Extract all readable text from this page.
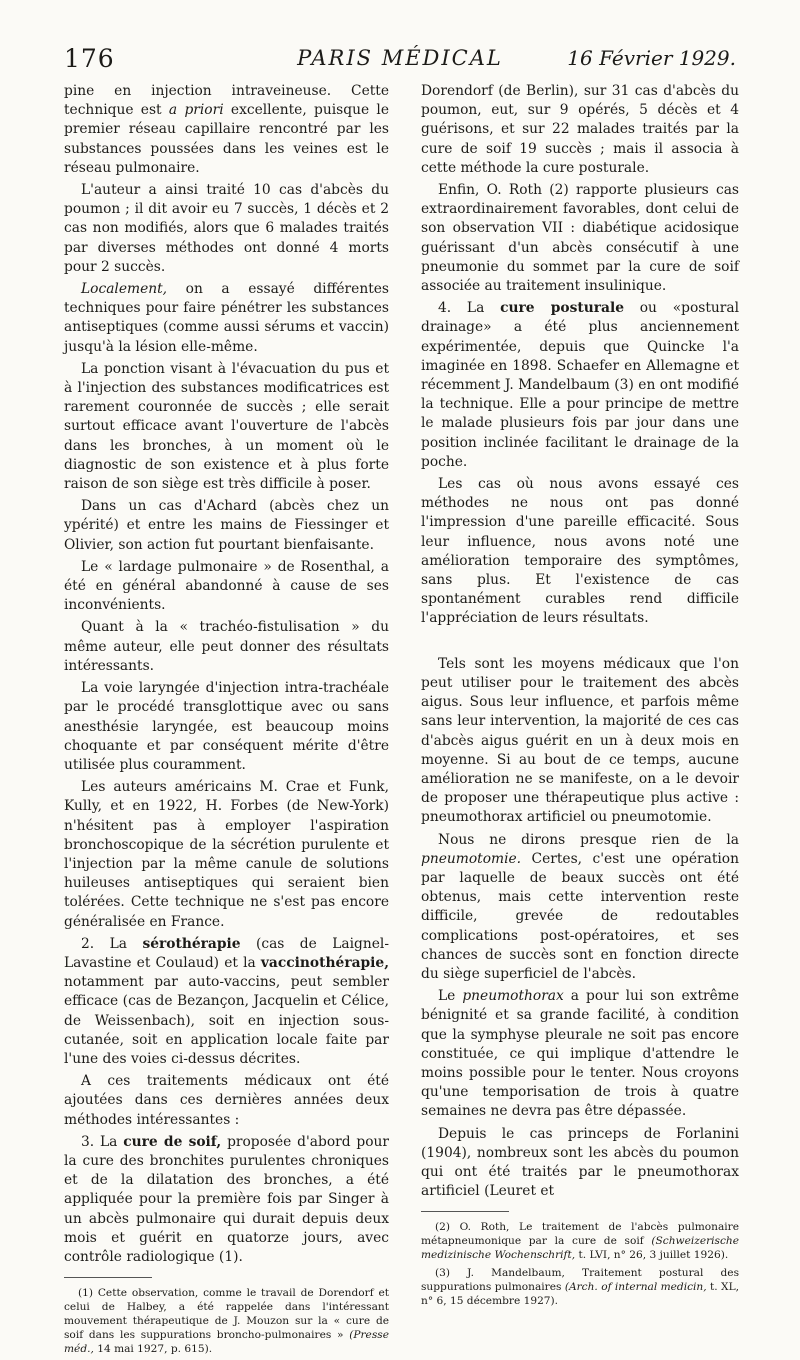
176	PARIS MÉDICAL	16 Février 1929.

pine en injection intraveineuse. Cette technique est a priori excellente, puisque le premier réseau capillaire rencontré par les substances poussées dans les veines est le réseau pulmonaire.

L'auteur a ainsi traité 10 cas d'abcès du poumon ; il dit avoir eu 7 succès, 1 décès et 2 cas non modifiés, alors que 6 malades traités par diverses méthodes ont donné 4 morts pour 2 succès.

Localement, on a essayé différentes techniques pour faire pénétrer les substances antiseptiques (comme aussi sérums et vaccin) jusqu'à la lésion elle-même.

La ponction visant à l'évacuation du pus et à l'injection des substances modificatrices est rarement couronnée de succès ; elle serait surtout efficace avant l'ouverture de l'abcès dans les bronches, à un moment où le diagnostic de son existence et à plus forte raison de son siège est très difficile à poser.

Dans un cas d'Achard (abcès chez un ypérité) et entre les mains de Fiessinger et Olivier, son action fut pourtant bienfaisante.

Le « lardage pulmonaire » de Rosenthal, a été en général abandonné à cause de ses inconvénients.

Quant à la « trachéo-fistulisation » du même auteur, elle peut donner des résultats intéressants.

La voie laryngée d'injection intra-trachéale par le procédé transglottique avec ou sans anesthésie laryngée, est beaucoup moins choquante et par conséquent mérite d'être utilisée plus couramment.

Les auteurs américains M. Crae et Funk, Kully, et en 1922, H. Forbes (de New-York) n'hésitent pas à employer l'aspiration bronchoscopique de la sécrétion purulente et l'injection par la même canule de solutions huileuses antiseptiques qui seraient bien tolérées. Cette technique ne s'est pas encore généralisée en France.

2. La sérothérapie (cas de Laignel-Lavastine et Coulaud) et la vaccinothérapie, notamment par auto-vaccins, peut sembler efficace (cas de Bezançon, Jacquelin et Célice, de Weissenbach), soit en injection sous-cutanée, soit en application locale faite par l'une des voies ci-dessus décrites.

A ces traitements médicaux ont été ajoutées dans ces dernières années deux méthodes intéressantes :

3. La cure de soif, proposée d'abord pour la cure des bronchites purulentes chroniques et de la dilatation des bronches, a été appliquée pour la première fois par Singer à un abcès pulmonaire qui durait depuis deux mois et guérit en quatorze jours, avec contrôle radiologique (1).

(1) Cette observation, comme le travail de Dorendorf et celui de Halbey, a été rappelée dans l'intéressant mouvement thérapeutique de J. Mouzon sur la « cure de soif dans les suppurations broncho-pulmonaires » (Presse méd., 14 mai 1927, p. 615).

Dorendorf (de Berlin), sur 31 cas d'abcès du poumon, eut, sur 9 opérés, 5 décès et 4 guérisons, et sur 22 malades traités par la cure de soif 19 succès ; mais il associa à cette méthode la cure posturale.

Enfin, O. Roth (2) rapporte plusieurs cas extraordinairement favorables, dont celui de son observation VII : diabétique acidosique guérissant d'un abcès consécutif à une pneumonie du sommet par la cure de soif associée au traitement insulinique.

4. La cure posturale ou «postural drainage» a été plus anciennement expérimentée, depuis que Quincke l'a imaginée en 1898. Schaefer en Allemagne et récemment J. Mandelbaum (3) en ont modifié la technique. Elle a pour principe de mettre le malade plusieurs fois par jour dans une position inclinée facilitant le drainage de la poche.

Les cas où nous avons essayé ces méthodes ne nous ont pas donné l'impression d'une pareille efficacité. Sous leur influence, nous avons noté une amélioration temporaire des symptômes, sans plus. Et l'existence de cas spontanément curables rend difficile l'appréciation de leurs résultats.

Tels sont les moyens médicaux que l'on peut utiliser pour le traitement des abcès aigus. Sous leur influence, et parfois même sans leur intervention, la majorité de ces cas d'abcès aigus guérit en un à deux mois en moyenne. Si au bout de ce temps, aucune amélioration ne se manifeste, on a le devoir de proposer une thérapeutique plus active : pneumothorax artificiel ou pneumotomie.

Nous ne dirons presque rien de la pneumotomie. Certes, c'est une opération par laquelle de beaux succès ont été obtenus, mais cette intervention reste difficile, grevée de redoutables complications post-opératoires, et ses chances de succès sont en fonction directe du siège superficiel de l'abcès.

Le pneumothorax a pour lui son extrême bénignité et sa grande facilité, à condition que la symphyse pleurale ne soit pas encore constituée, ce qui implique d'attendre le moins possible pour le tenter. Nous croyons qu'une temporisation de trois à quatre semaines ne devra pas être dépassée.

Depuis le cas princeps de Forlanini (1904), nombreux sont les abcès du poumon qui ont été traités par le pneumothorax artificiel (Leuret et

(2) O. Roth, Le traitement de l'abcès pulmonaire métapneumonique par la cure de soif (Schweizerische medizinische Wochenschrift, t. LVI, n° 26, 3 juillet 1926).

(3) J. Mandelbaum, Traitement postural des suppurations pulmonaires (Arch. of internal medicin, t. XL, n° 6, 15 décembre 1927).
